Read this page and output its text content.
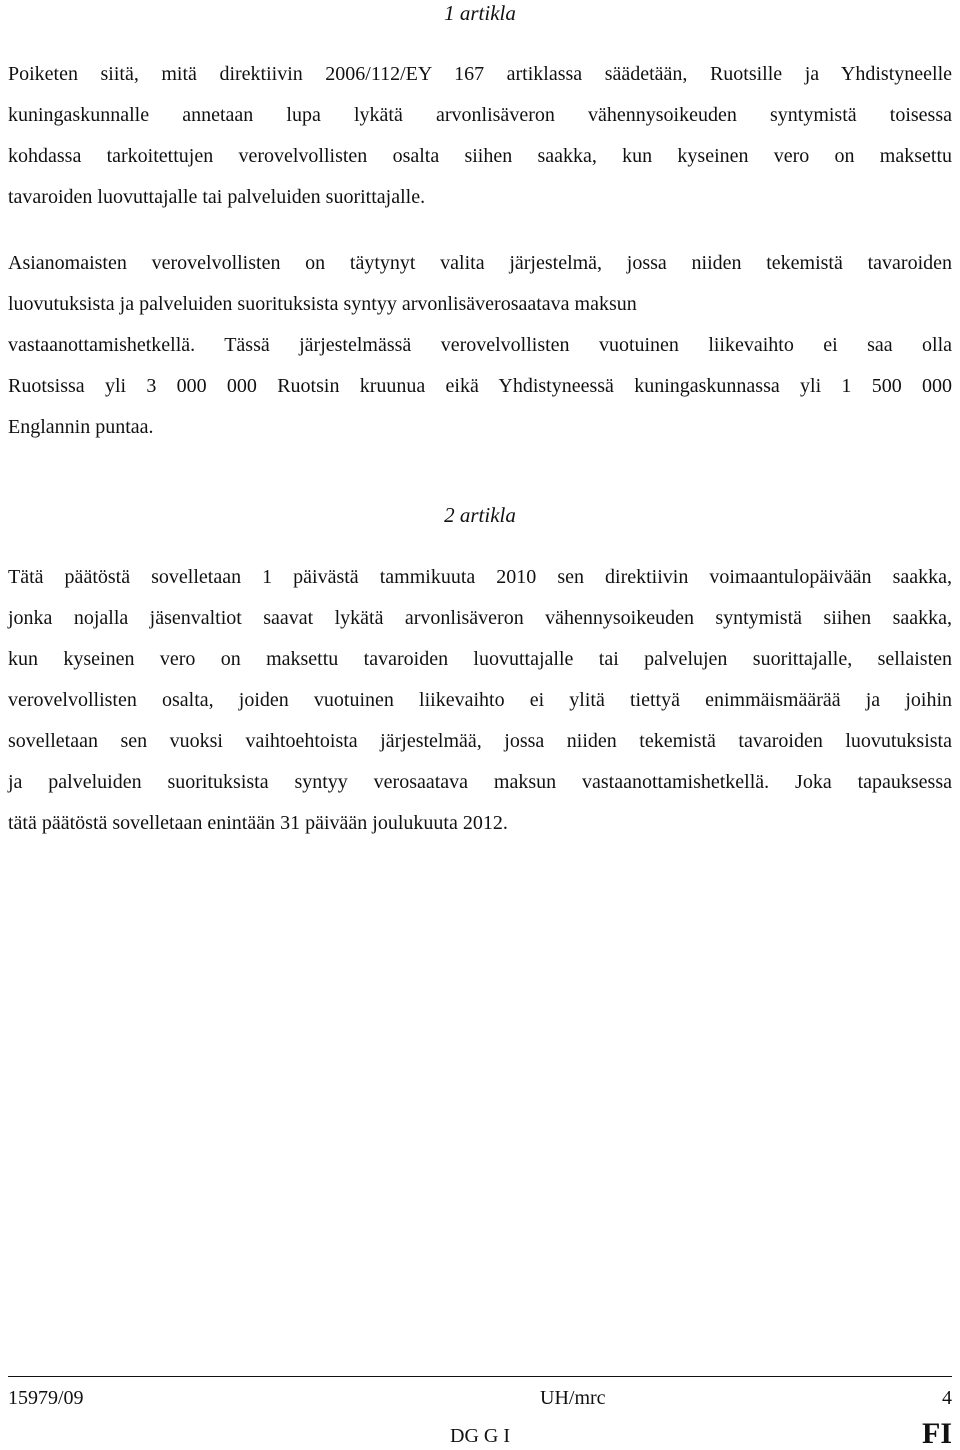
1 artikla
Poiketen siitä, mitä direktiivin 2006/112/EY 167 artiklassa säädetään, Ruotsille ja Yhdistyneelle
kuningaskunnalle annetaan lupa lykätä arvonlisäveron vähennysoikeuden syntymistä toisessa
kohdassa tarkoitettujen verovelvollisten osalta siihen saakka, kun kyseinen vero on maksettu
tavaroiden luovuttajalle tai palveluiden suorittajalle.
Asianomaisten verovelvollisten on täytynyt valita järjestelmä, jossa niiden tekemistä tavaroiden
luovutuksista ja palveluiden suorituksista syntyy arvonlisäverosaatava maksun
vastaanottamishetkellä. Tässä järjestelmässä verovelvollisten vuotuinen liikevaihto ei saa olla
Ruotsissa yli 3 000 000 Ruotsin kruunua eikä Yhdistyneessä kuningaskunnassa yli 1 500 000
Englannin puntaa.
2 artikla
Tätä päätöstä sovelletaan 1 päivästä tammikuuta 2010 sen direktiivin voimaantulopäivään saakka,
jonka nojalla jäsenvaltiot saavat lykätä arvonlisäveron vähennysoikeuden syntymistä siihen saakka,
kun kyseinen vero on maksettu tavaroiden luovuttajalle tai palvelujen suorittajalle, sellaisten
verovelvollisten osalta, joiden vuotuinen liikevaihto ei ylitä tiettyä enimmäismäärää ja joihin
sovelletaan sen vuoksi vaihtoehtoista järjestelmää, jossa niiden tekemistä tavaroiden luovutuksista
ja palveluiden suorituksista syntyy verosaatava maksun vastaanottamishetkellä. Joka tapauksessa
tätä päätöstä sovelletaan enintään 31 päivään joulukuuta 2012.
15979/09	UH/mrc	4
DG G I	FI
